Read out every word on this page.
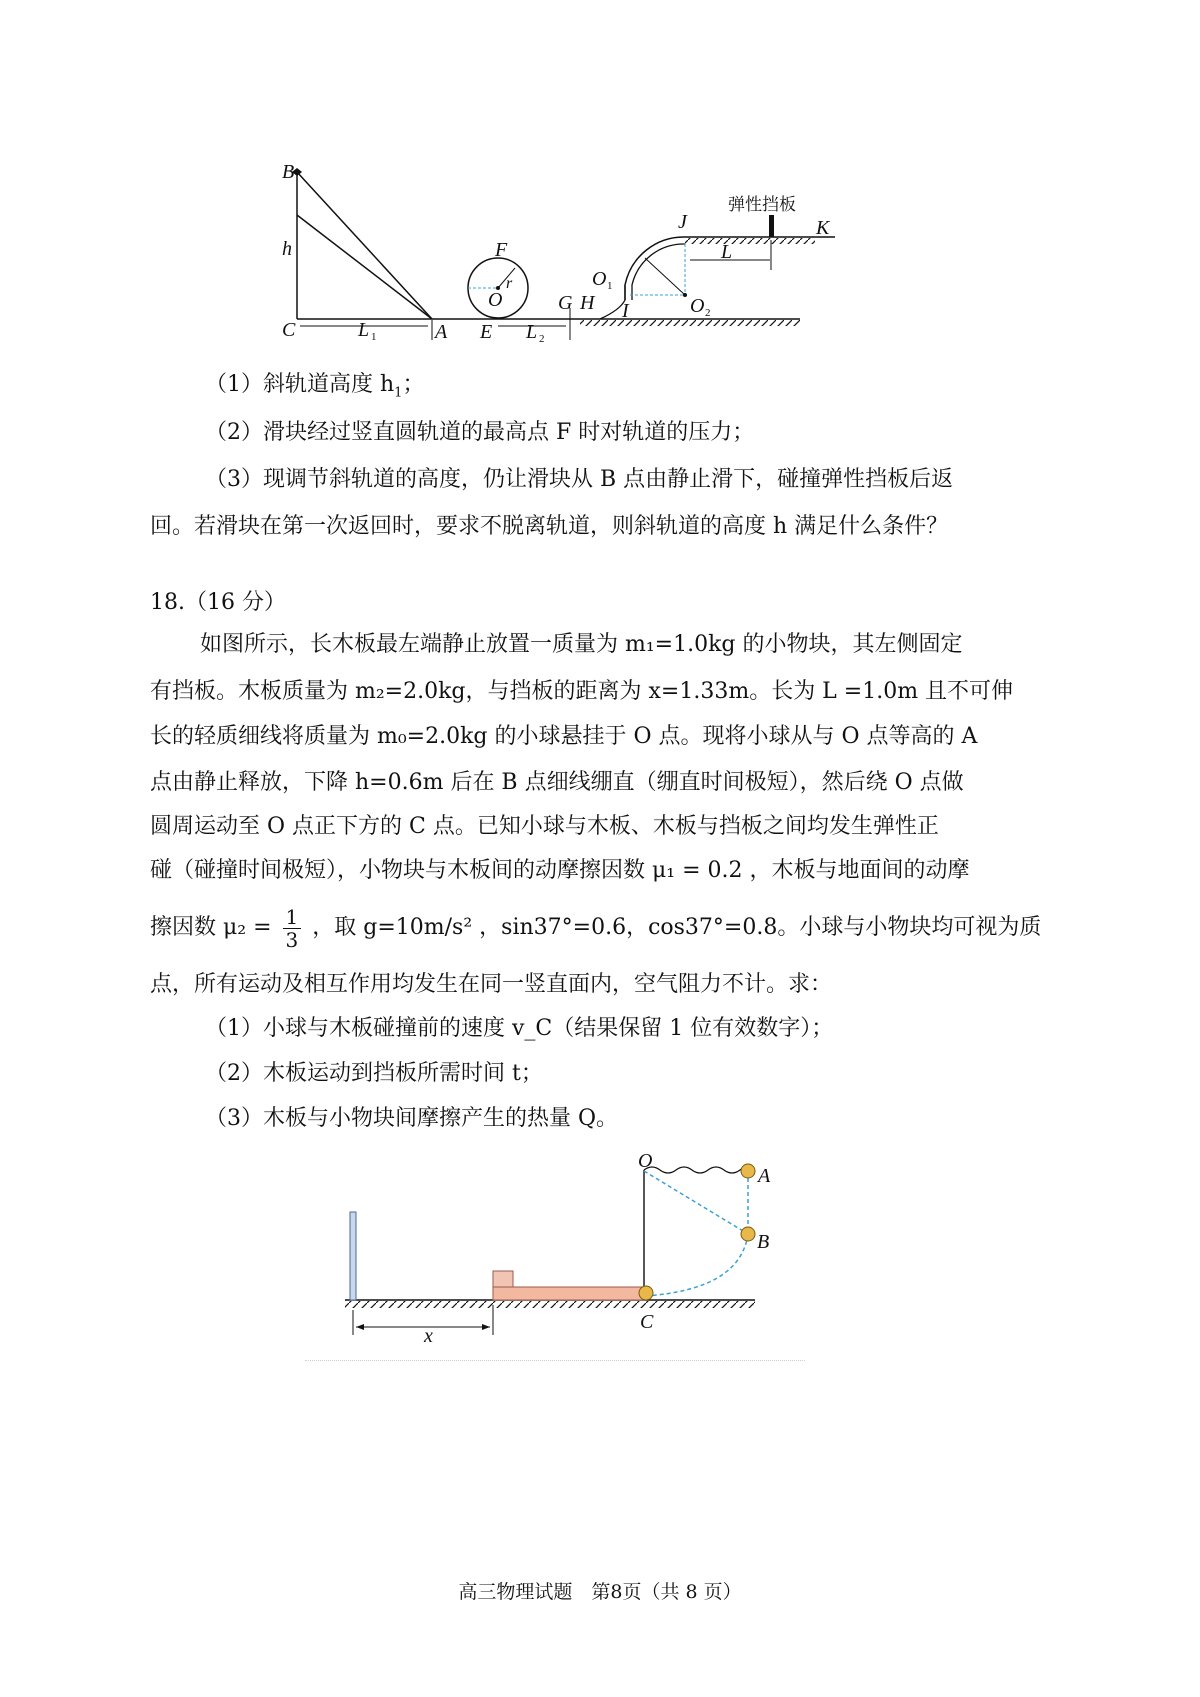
B
h
C	L 1	A E L 2
F
r
O	G H
O 1
I
J
O 2
L
K
弹性挡板
（1）斜轨道高度 $h_1$；
（2）滑块经过竖直圆轨道的最高点 F 时对轨道的压力；
（3）现调节斜轨道的高度，仍让滑块从 B 点由静止滑下，碰撞弹性挡板后返
回。若滑块在第一次返回时，要求不脱离轨道，则斜轨道的高度 h 满足什么条件？
18.（16 分）
如图所示，长木板最左端静止放置一质量为 m₁=1.0kg 的小物块，其左侧固定
有挡板。木板质量为 m₂=2.0kg，与挡板的距离为 x=1.33m。长为 L =1.0m 且不可伸
长的轻质细线将质量为 m₀=2.0kg 的小球悬挂于 O 点。现将小球从与 O 点等高的 A
点由静止释放，下降 h=0.6m 后在 B 点细线绷直（绷直时间极短），然后绕 O 点做
圆周运动至 O 点正下方的 C 点。已知小球与木板、木板与挡板之间均发生弹性正
碰（碰撞时间极短），小物块与木板间的动摩擦因数 μ₁ = 0.2 ，木板与地面间的动摩
擦因数 $\mu_2 = \frac{1}{3}$ ，取 g=10m/s² ，sin37°=0.6，cos37°=0.8。小球与小物块均可视为质
点，所有运动及相互作用均发生在同一竖直面内，空气阻力不计。求：
（1）小球与木板碰撞前的速度 v_C（结果保留 1 位有效数字）；
（2）木板运动到挡板所需时间 t；
（3）木板与小物块间摩擦产生的热量 Q。
O
A
B
C
x
高三物理试题　第8页（共 8 页）
